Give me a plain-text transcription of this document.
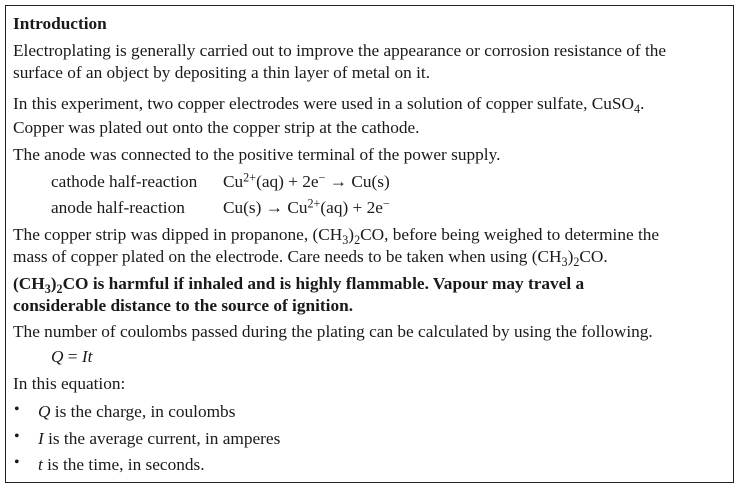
Introduction
Electroplating is generally carried out to improve the appearance or corrosion resistance of the
surface of an object by depositing a thin layer of metal on it.
In this experiment, two copper electrodes were used in a solution of copper sulfate, CuSO$_4$.
Copper was plated out onto the copper strip at the cathode.
The anode was connected to the positive terminal of the power supply.
cathode half-reaction $Cu^{2+}(aq) + 2e^- \to Cu(s)$
anode half-reaction $Cu(s) \to Cu^{2+}(aq) + 2e^-$
The copper strip was dipped in propanone, $(CH_3)_2CO$, before being weighed to determine the
mass of copper plated on the electrode. Care needs to be taken when using $(CH_3)_2CO$.
$(CH_3)_2CO$ is harmful if inhaled and is highly flammable. Vapour may travel a
considerable distance to the source of ignition.
The number of coulombs passed during the plating can be calculated by using the following.
Q = It
In this equation:
• Q is the charge, in coulombs
• I is the average current, in amperes
• t is the time, in seconds.
